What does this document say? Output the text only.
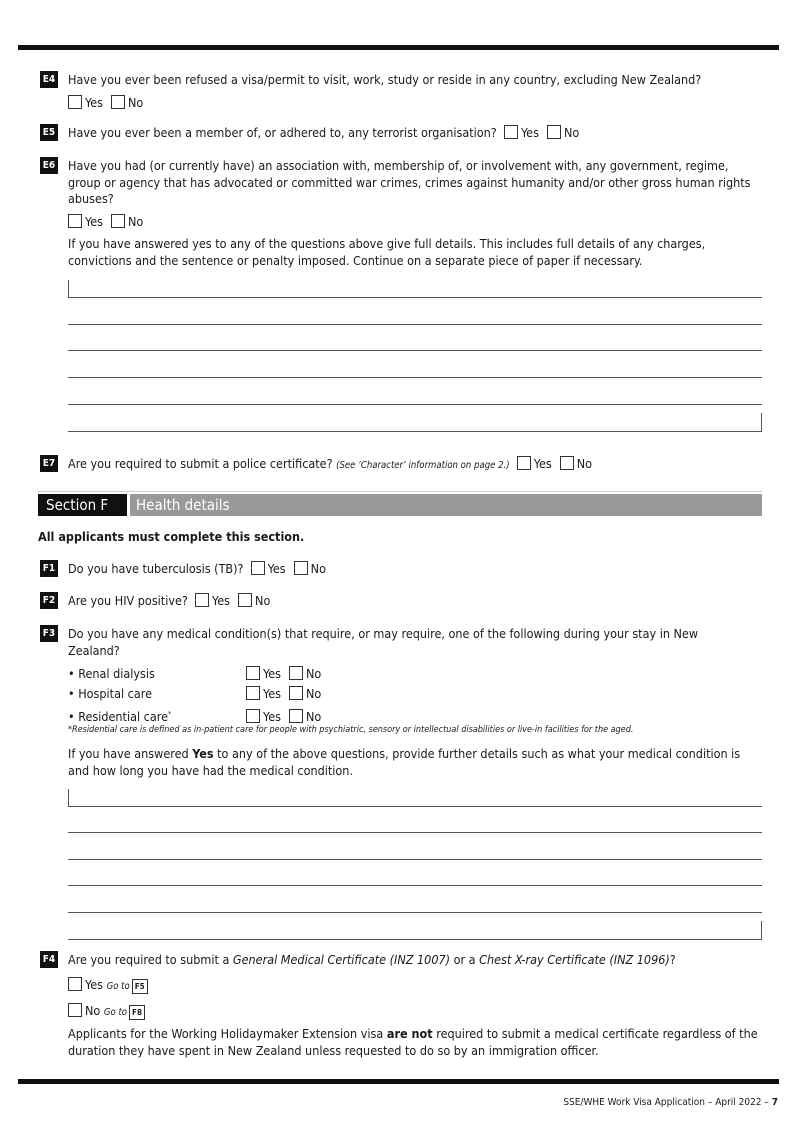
E4 Have you ever been refused a visa/permit to visit, work, study or reside in any country, excluding New Zealand?
Yes No
E5 Have you ever been a member of, or adhered to, any terrorist organisation? Yes No
E6 Have you had (or currently have) an association with, membership of, or involvement with, any government, regime, group or agency that has advocated or committed war crimes, crimes against humanity and/or other gross human rights abuses?
Yes No
If you have answered yes to any of the questions above give full details. This includes full details of any charges, convictions and the sentence or penalty imposed. Continue on a separate piece of paper if necessary.
E7 Are you required to submit a police certificate? (See ‘Character’ information on page 2.) Yes No
Section F	Health details
All applicants must complete this section.
F1 Do you have tuberculosis (TB)? Yes No
F2 Are you HIV positive? Yes No
F3 Do you have any medical condition(s) that require, or may require, one of the following during your stay in New Zealand?
• Renal dialysis	Yes No
• Hospital care	Yes No
• Residential care*	Yes No
*Residential care is defined as in-patient care for people with psychiatric, sensory or intellectual disabilities or live-in facilities for the aged.
If you have answered Yes to any of the above questions, provide further details such as what your medical condition is and how long you have had the medical condition.
F4 Are you required to submit a General Medical Certificate (INZ 1007) or a Chest X-ray Certificate (INZ 1096)?
Yes Go to F5
No Go to F8
Applicants for the Working Holidaymaker Extension visa are not required to submit a medical certificate regardless of the duration they have spent in New Zealand unless requested to do so by an immigration officer.
SSE/WHE Work Visa Application – April 2022 – 7
